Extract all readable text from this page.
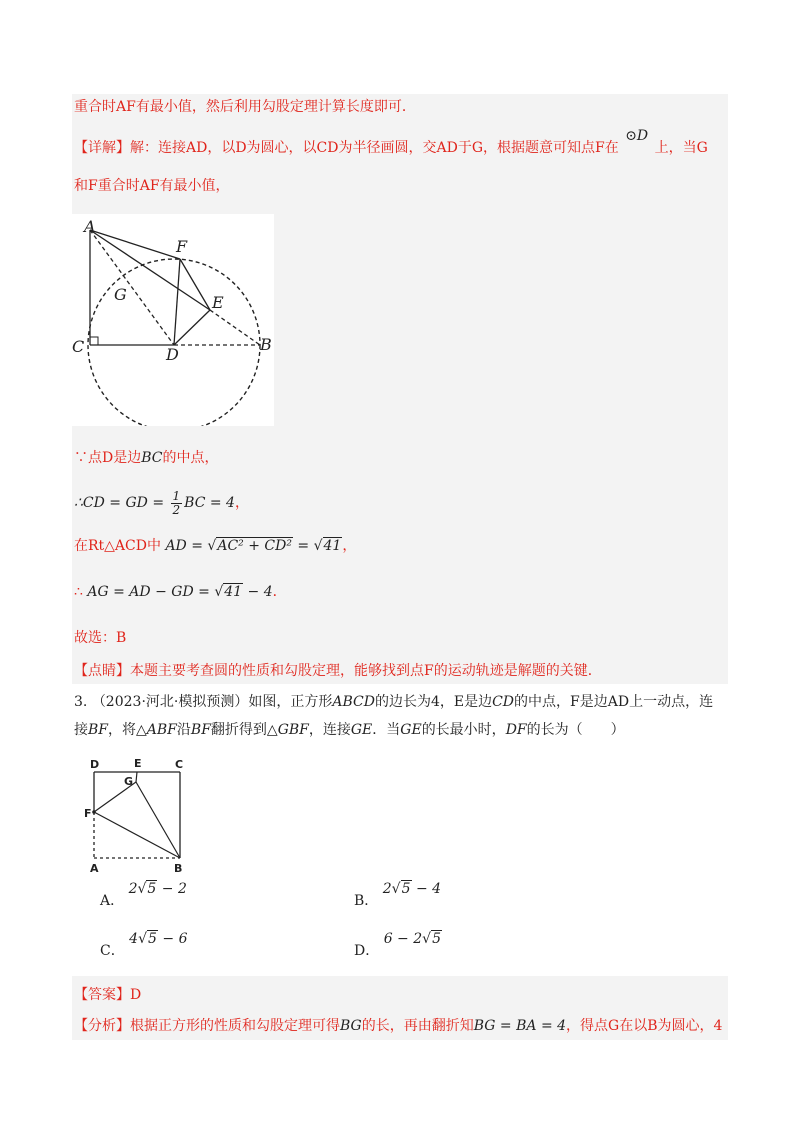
重合时AF有最小值，然后利用勾股定理计算长度即可．
【详解】解：连接AD，以D为圆心，以CD为半径画圆，交AD于G，根据题意可知点F在 ⊙D 上，当G
和F重合时AF有最小值，
A
F
G	E
C	D
B
∵点D是边BC的中点，
∴CD = GD = $\frac{1}{2}$ BC = 4，
在Rt△ACD中 AD = √AC² + CD² = √41，
∴ AG = AD − GD = √41 − 4．
故选：B
【点睛】本题主要考查圆的性质和勾股定理，能够找到点F的运动轨迹是解题的关键．
3. （2023·河北·模拟预测）如图，正方形ABCD的边长为4，E是边CD的中点，F是边AD上一动点，连
接BF，将△ABF沿BF翻折得到△GBF，连接GE．当GE的长最小时，DF的长为（　　）
D	E	C
G
F
A	B
A． 2√5 − 2
B． 2√5 − 4
C． 4√5 − 6
D． 6 − 2√5
【答案】D
【分析】根据正方形的性质和勾股定理可得BG的长，再由翻折知BG = BA = 4，得点G在以B为圆心，4
